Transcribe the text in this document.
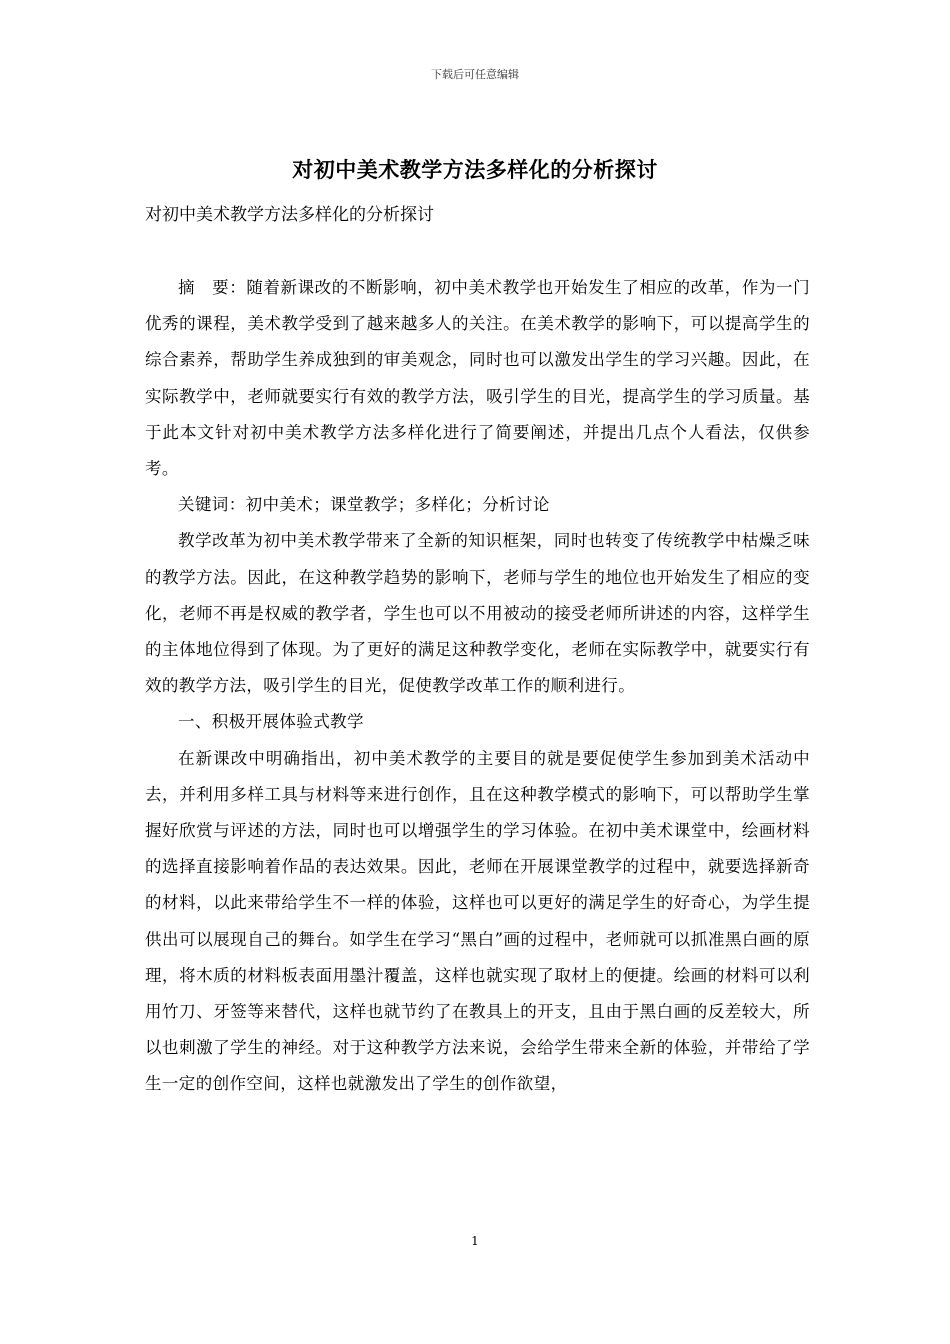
下载后可任意编辑
对初中美术教学方法多样化的分析探讨
对初中美术教学方法多样化的分析探讨

摘　要：随着新课改的不断影响，初中美术教学也开始发生了相应的改革，作为一门优秀的课程，美术教学受到了越来越多人的关注。在美术教学的影响下，可以提高学生的综合素养，帮助学生养成独到的审美观念，同时也可以激发出学生的学习兴趣。因此，在实际教学中，老师就要实行有效的教学方法，吸引学生的目光，提高学生的学习质量。基于此本文针对初中美术教学方法多样化进行了简要阐述，并提出几点个人看法，仅供参考。

关键词：初中美术；课堂教学；多样化；分析讨论

教学改革为初中美术教学带来了全新的知识框架，同时也转变了传统教学中枯燥乏味的教学方法。因此，在这种教学趋势的影响下，老师与学生的地位也开始发生了相应的变化，老师不再是权威的教学者，学生也可以不用被动的接受老师所讲述的内容，这样学生的主体地位得到了体现。为了更好的满足这种教学变化，老师在实际教学中，就要实行有效的教学方法，吸引学生的目光，促使教学改革工作的顺利进行。

一、积极开展体验式教学

在新课改中明确指出，初中美术教学的主要目的就是要促使学生参加到美术活动中去，并利用多样工具与材料等来进行创作，且在这种教学模式的影响下，可以帮助学生掌握好欣赏与评述的方法，同时也可以增强学生的学习体验。在初中美术课堂中，绘画材料的选择直接影响着作品的表达效果。因此，老师在开展课堂教学的过程中，就要选择新奇的材料，以此来带给学生不一样的体验，这样也可以更好的满足学生的好奇心，为学生提供出可以展现自己的舞台。如学生在学习“黑白”画的过程中，老师就可以抓准黑白画的原理，将木质的材料板表面用墨汁覆盖，这样也就实现了取材上的便捷。绘画的材料可以利用竹刀、牙签等来替代，这样也就节约了在教具上的开支，且由于黑白画的反差较大，所以也刺激了学生的神经。对于这种教学方法来说，会给学生带来全新的体验，并带给了学生一定的创作空间，这样也就激发出了学生的创作欲望，

1
